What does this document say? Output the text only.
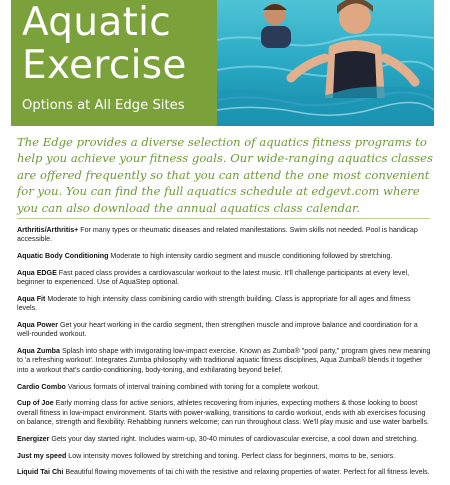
Aquatic
Exercise
Options at All Edge Sites
The Edge provides a diverse selection of aquatics fitness programs to help you achieve your fitness goals. Our wide-ranging aquatics classes are offered frequently so that you can attend the one most convenient for you. You can find the full aquatics schedule at edgevt.com where you can also download the annual aquatics class calendar.
Arthritis/Arthritis+ For many types or rheumatic diseases and related manifestations. Swim skills not needed. Pool is handicap accessible.
Aquatic Body Conditioning Moderate to high intensity cardio segment and muscle conditioning followed by stretching.
Aqua EDGE Fast paced class provides a cardiovascular workout to the latest music. It'll challenge participants at every level, beginner to experienced. Use of AquaStep optional.
Aqua Fit Moderate to high intensity class combining cardio with strength building. Class is appropriate for all ages and fitness levels.
Aqua Power Get your heart working in the cardio segment, then strengthen muscle and improve balance and coordination for a well-rounded workout.
Aqua Zumba Splash into shape with invigorating low-impact exercise. Known as Zumba® "pool party," program gives new meaning to 'a refreshing workout'. Integrates Zumba philosophy with traditional aquatic fitness disciplines, Aqua Zumba® blends it together into a workout that's cardio-conditioning, body-toning, and exhilarating beyond belief.
Cardio Combo Various formats of interval training combined with toning for a complete workout.
Cup of Joe Early morning class for active seniors, athletes recovering from injuries, expecting mothers & those looking to boost overall fitness in low-impact environment. Starts with power-walking, transitions to cardio workout, ends with ab exercises focusing on balance, strength and flexibility. Rehabbing runners welcome; can run throughout class. We'll play music and use water barbells.
Energizer Gets your day started right. Includes warm-up, 30-40 minutes of cardiovascular exercise, a cool down and stretching.
Just my speed Low intensity moves followed by stretching and toning. Perfect class for beginners, moms to be, seniors.
Liquid Tai Chi Beautiful flowing movements of tai chi with the resistive and relaxing properties of water. Perfect for all fitness levels.
